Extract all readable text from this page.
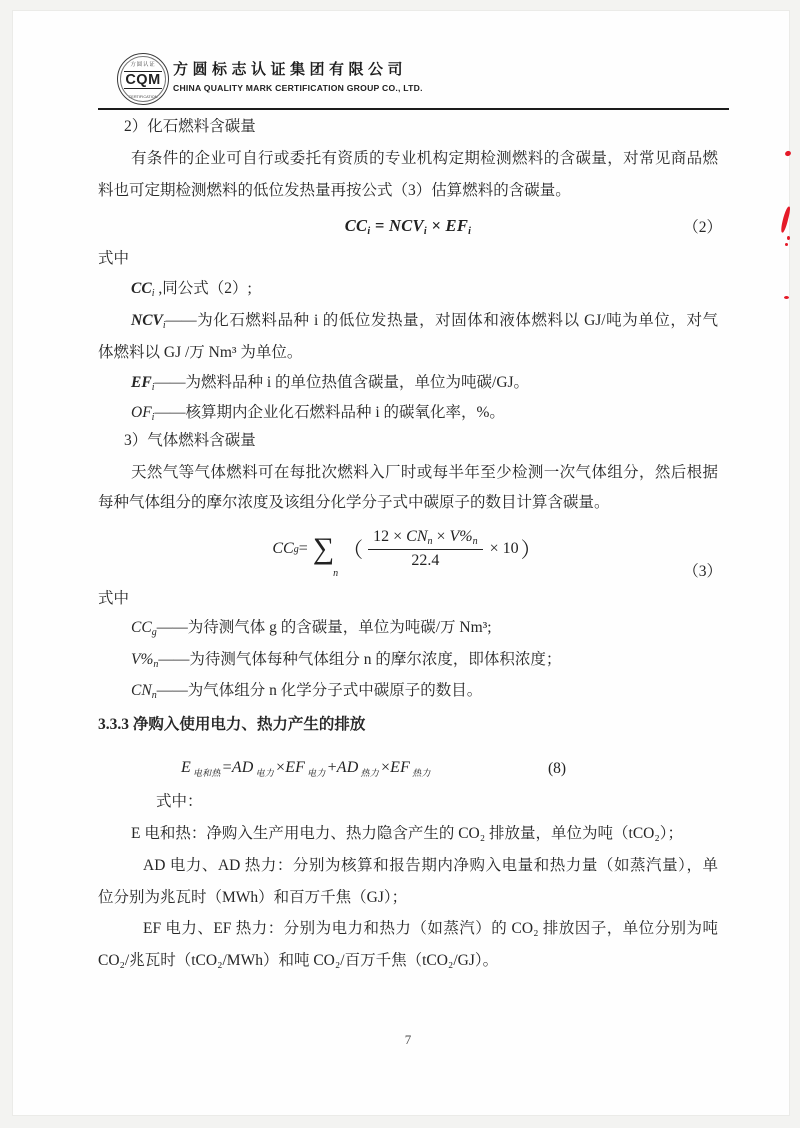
方圆认证
CQM
CERTIFICATION
方圆标志认证集团有限公司
CHINA QUALITY MARK CERTIFICATION GROUP CO., LTD.
2）化石燃料含碳量
有条件的企业可自行或委托有资质的专业机构定期检测燃料的含碳量，对常见商品燃
料也可定期检测燃料的低位发热量再按公式（3）估算燃料的含碳量。
CCi = NCVi × EFi	（2）
式中
CCi ,同公式（2）;
NCVi——为化石燃料品种 i 的低位发热量，对固体和液体燃料以 GJ/吨为单位，对气
体燃料以 GJ /万 Nm³ 为单位。
EFi——为燃料品种 i 的单位热值含碳量，单位为吨碳/GJ。
OFi——核算期内企业化石燃料品种 i 的碳氧化率，%。
3）气体燃料含碳量
天然气等气体燃料可在每批次燃料入厂时或每半年至少检测一次气体组分，然后根据
每种气体组分的摩尔浓度及该组分化学分子式中碳原子的数目计算含碳量。
CC g = ∑
n
（ $\frac{\text{12 × CNn × V\%n}}{22.4} \times 10$ ）
（3）
式中
CCg——为待测气体 g 的含碳量，单位为吨碳/万 Nm³;
V%n——为待测气体每种气体组分 n 的摩尔浓度，即体积浓度；
CNn——为气体组分 n 化学分子式中碳原子的数目。
3.3.3 净购入使用电力、热力产生的排放
E $_{电和热}$ =AD $_{电力}$ ×EF $_{电力}$ +AD $_{热力}$ ×EF $_{热力}$	(8)
式中：
E 电和热：净购入生产用电力、热力隐含产生的 CO₂ 排放量，单位为吨（tCO₂）；
AD 电力、AD 热力：分别为核算和报告期内净购入电量和热力量（如蒸汽量），单
位分别为兆瓦时（MWh）和百万千焦（GJ）；
EF 电力、EF 热力：分别为电力和热力（如蒸汽）的 CO₂ 排放因子，单位分别为吨
CO₂/兆瓦时（tCO₂/MWh）和吨 CO₂/百万千焦（tCO₂/GJ）。
7
